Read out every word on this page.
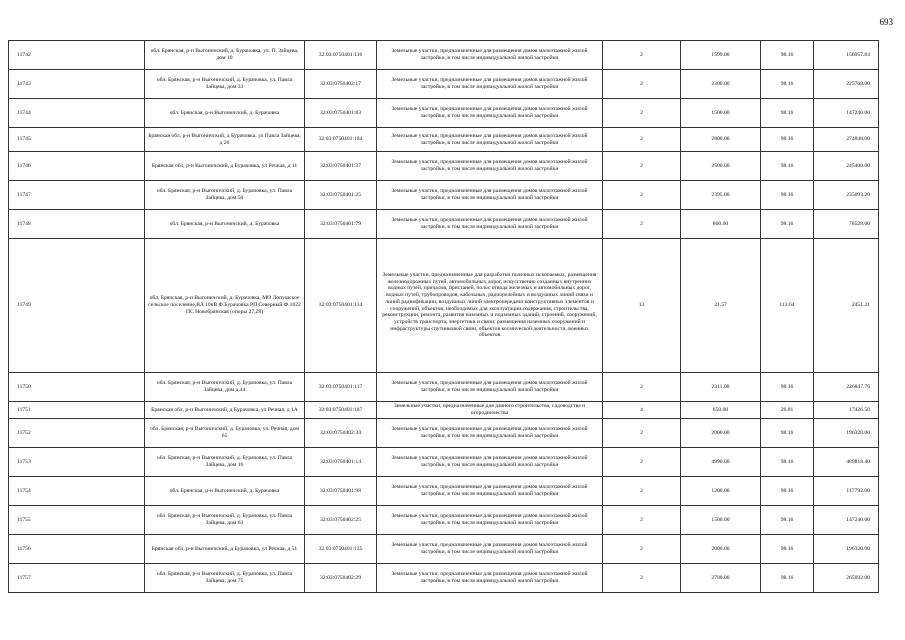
693
11742	обл. Брянская, р-н Выгоничский, д. Бурачовка, ул. П. Зайцева, дом 10	32:03:0750401:116	Земельные участки, предназначенные для размещения домов малоэтажной жилой застройки, в том числе индивидуальной жилой застройки	2	1599.00	98.16	156957.84
11743	обл. Брянская, р-н Выгоничский, д. Бурачовка, ул. Павла Зайцева, дом 33	32:03:0750402:17	Земельные участки, предназначенные для размещения домов малоэтажной жилой застройки, в том числе индивидуальной жилой застройки	2	2300.00	98.16	225768.00
11744	обл. Брянская, р-н Выгоничский, д. Бурачовка	32:03:0750401:83	Земельные участки, предназначенные для размещения домов малоэтажной жилой застройки, в том числе индивидуальной жилой застройки	2	1500.00	98.16	147240.00
11745	Брянская обл, р-н Выгоничский, д Бурачовка, ул Павла Зайцева, д 20	32:03:0750401:184	Земельные участки, предназначенные для размещения домов малоэтажной жилой застройки, в том числе индивидуальной жилой застройки	2	2800.00	98.16	274848.00
11746	Брянская обл, р-н Выгоничский, д Бурачовка, ул Речная, д 11	32:03:0750401:37	Земельные участки, предназначенные для размещения домов малоэтажной жилой застройки, в том числе индивидуальной жилой застройки	2	2500.00	98.16	245400.00
11747	обл. Брянская, р-н Выгоничский, д. Бурачовка, ул. Павла Зайцева, дом 50	32:03:0750401:25	Земельные участки, предназначенные для размещения домов малоэтажной жилой застройки, в том числе индивидуальной жилой застройки	2	2395.00	98.16	235093.20
11748	обл. Брянская, р-н Выгоничский, д. Бурачовка	32:03:0750401:79	Земельные участки, предназначенные для размещения домов малоэтажной жилой застройки, в том числе индивидуальной жилой застройки	2	800.00	98.16	78528.00
11749	обл. Брянская, р-н Выгоничский, д. Бурачовка, МО Лопушское сельское поселение,ВЛ 10кВ Ф.Бурачовка РП Северный Ф.1022 ПС Новобрянская (опоры 27,28)	32:03:0750401:114	Земельные участки, предназначенные для разработки полезных ископаемых, размещения железнодорожных путей, автомобильных дорог, искусственно созданных внутренних водных путей, причалов, пристаней, полос отвода железных и автомобильных дорог, водных путей, трубопроводов, кабельных, радиорелейных и воздушных линий связи и линий радиофикации, воздушных линий электропередачи конструктивных элементов и сооружений, объектов, необходимых для эксплуатации,содержания, строительства, реконструкции, ремонта, развития наземных и подземных зданий, строений, сооружений, устройств транспорта, энергетики и связи; размещения наземных сооружений и инфраструктуры спутниковой связи, объектов космической деятельности, военных объектов	13	21.57	113.64	2451.21
11750	обл. Брянская, р-н Выгоничский, д. Бурачовка, ул. Павла Зайцева, дом д.44	32:03:0750401:117	Земельные участки, предназначенные для размещения домов малоэтажной жилой застройки, в том числе индивидуальной жилой застройки	2	2311.00	98.16	226847.76
11751	Брянская обл, р-н Выгоничский, д Бурачовка, ул Речная, д 1А	32:03:0750401:187	Земельные участки, предназначенные для дачного строительства, садоводства и огородничества	4	650.00	26.81	17426.50
11752	обл. Брянская, р-н Выгоничский, д. Бурачовка, ул. Речная, дом 65	32:03:0750402:34	Земельные участки, предназначенные для размещения домов малоэтажной жилой застройки, в том числе индивидуальной жилой застройки	2	2000.00	98.16	196320.00
11753	обл. Брянская, р-н Выгоничский, д. Бурачовка, ул. Павла Зайцева, дом 16	32:03:0750401:14	Земельные участки, предназначенные для размещения домов малоэтажной жилой застройки, в том числе индивидуальной жилой застройки	2	4990.00	98.16	489818.40
11754	обл. Брянская, р-н Выгоничский, д. Бурачовка	32:03:0750401:98	Земельные участки, предназначенные для размещения домов малоэтажной жилой застройки, в том числе индивидуальной жилой застройки	2	1200.00	98.16	117792.00
11755	обл. Брянская, р-н Выгоничский, д. Бурачовка, ул. Павла Зайцева, дом 63	32:03:0750402:25	Земельные участки, предназначенные для размещения домов малоэтажной жилой застройки, в том числе индивидуальной жилой застройки	2	1500.00	98.16	147240.00
11756	Брянская обл, р-н Выгоничский, д Бурачовка, ул Речная, д 51	32:03:0750401:135	Земельные участки, предназначенные для размещения домов малоэтажной жилой застройки, в том числе индивидуальной жилой застройки	2	2000.00	98.16	196320.00
11757	обл. Брянская, р-н Выгоничский, д. Бурачовка, ул. Павла Зайцева, дом 75	32:03:0750402:29	Земельные участки, предназначенные для размещения домов малоэтажной жилой застройки, в том числе индивидуальной жилой застройки	2	2700.00	98.16	265032.00
